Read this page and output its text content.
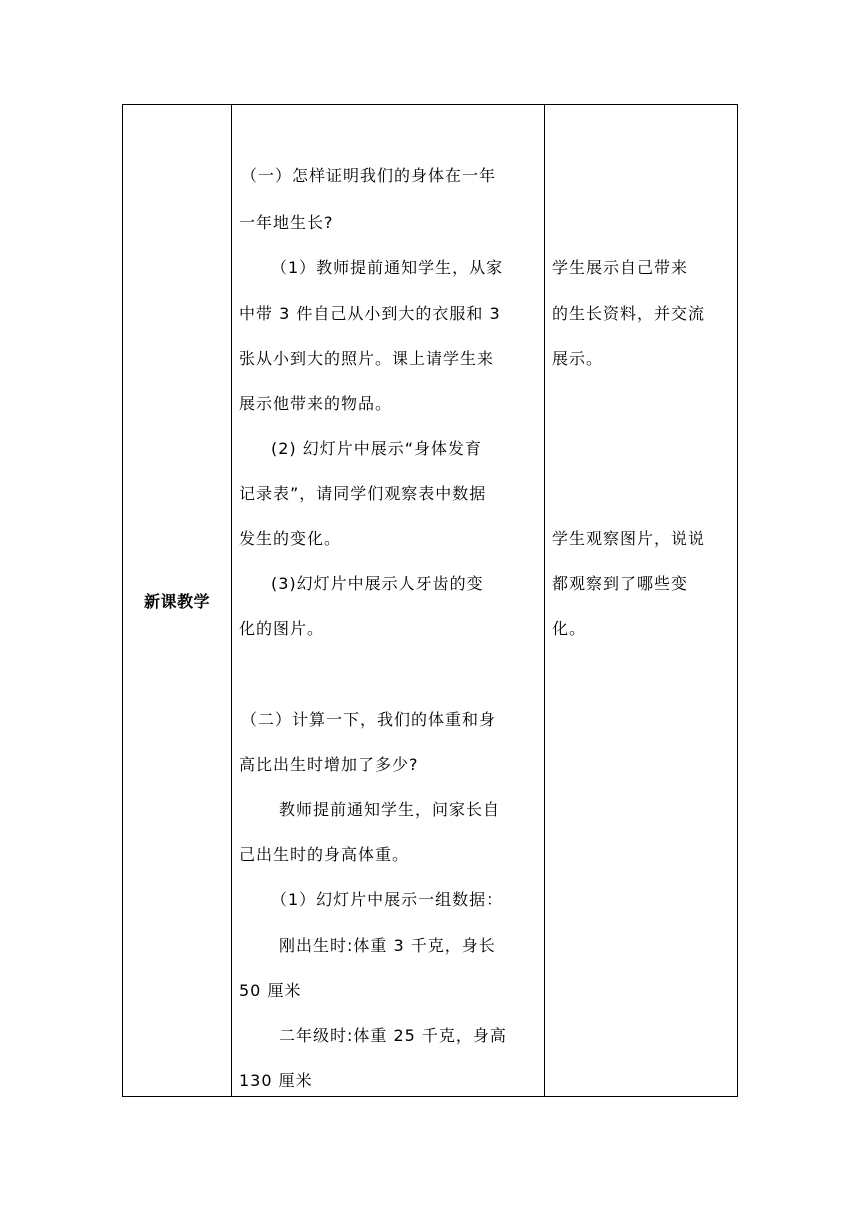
新课教学
（一）怎样证明我们的身体在一年
一年地生长?
（1）教师提前通知学生，从家
中带 3 件自己从小到大的衣服和 3
张从小到大的照片。课上请学生来
展示他带来的物品。
(2) 幻灯片中展示“身体发育
记录表”，请同学们观察表中数据
发生的变化。
(3)幻灯片中展示人牙齿的变
化的图片。
（二）计算一下，我们的体重和身
高比出生时增加了多少?
教师提前通知学生，问家长自
己出生时的身高体重。
（1）幻灯片中展示一组数据：
刚出生时:体重 3 千克，身长
50 厘米
二年级时:体重 25 千克，身高
130 厘米
学生展示自己带来
的生长资料，并交流
展示。
学生观察图片，说说
都观察到了哪些变
化。
